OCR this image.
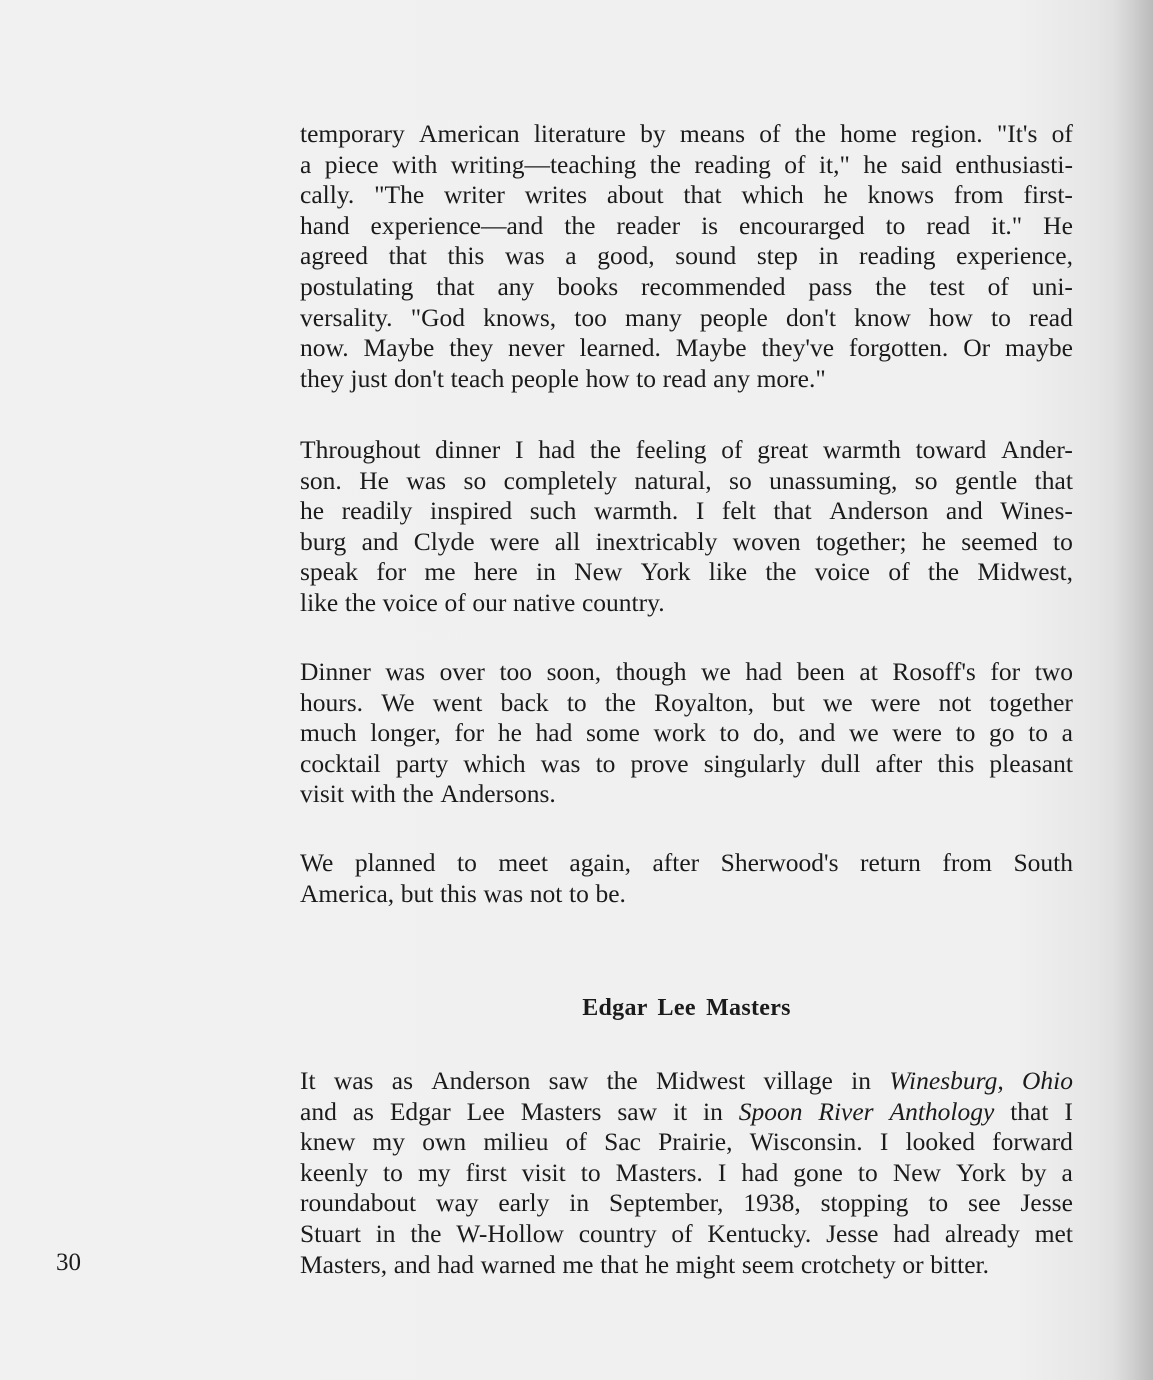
temporary American literature by means of the home region. "It's of
a piece with writing—teaching the reading of it," he said enthusiasti-
cally. "The writer writes about that which he knows from first-
hand experience—and the reader is encourarged to read it." He
agreed that this was a good, sound step in reading experience,
postulating that any books recommended pass the test of uni-
versality. "God knows, too many people don't know how to read
now. Maybe they never learned. Maybe they've forgotten. Or maybe
they just don't teach people how to read any more."
Throughout dinner I had the feeling of great warmth toward Ander-
son. He was so completely natural, so unassuming, so gentle that
he readily inspired such warmth. I felt that Anderson and Wines-
burg and Clyde were all inextricably woven together; he seemed to
speak for me here in New York like the voice of the Midwest,
like the voice of our native country.
Dinner was over too soon, though we had been at Rosoff's for two
hours. We went back to the Royalton, but we were not together
much longer, for he had some work to do, and we were to go to a
cocktail party which was to prove singularly dull after this pleasant
visit with the Andersons.
We planned to meet again, after Sherwood's return from South
America, but this was not to be.
Edgar Lee Masters
It was as Anderson saw the Midwest village in Winesburg, Ohio
and as Edgar Lee Masters saw it in Spoon River Anthology that I
knew my own milieu of Sac Prairie, Wisconsin. I looked forward
keenly to my first visit to Masters. I had gone to New York by a
roundabout way early in September, 1938, stopping to see Jesse
Stuart in the W-Hollow country of Kentucky. Jesse had already met
Masters, and had warned me that he might seem crotchety or bitter.
30
